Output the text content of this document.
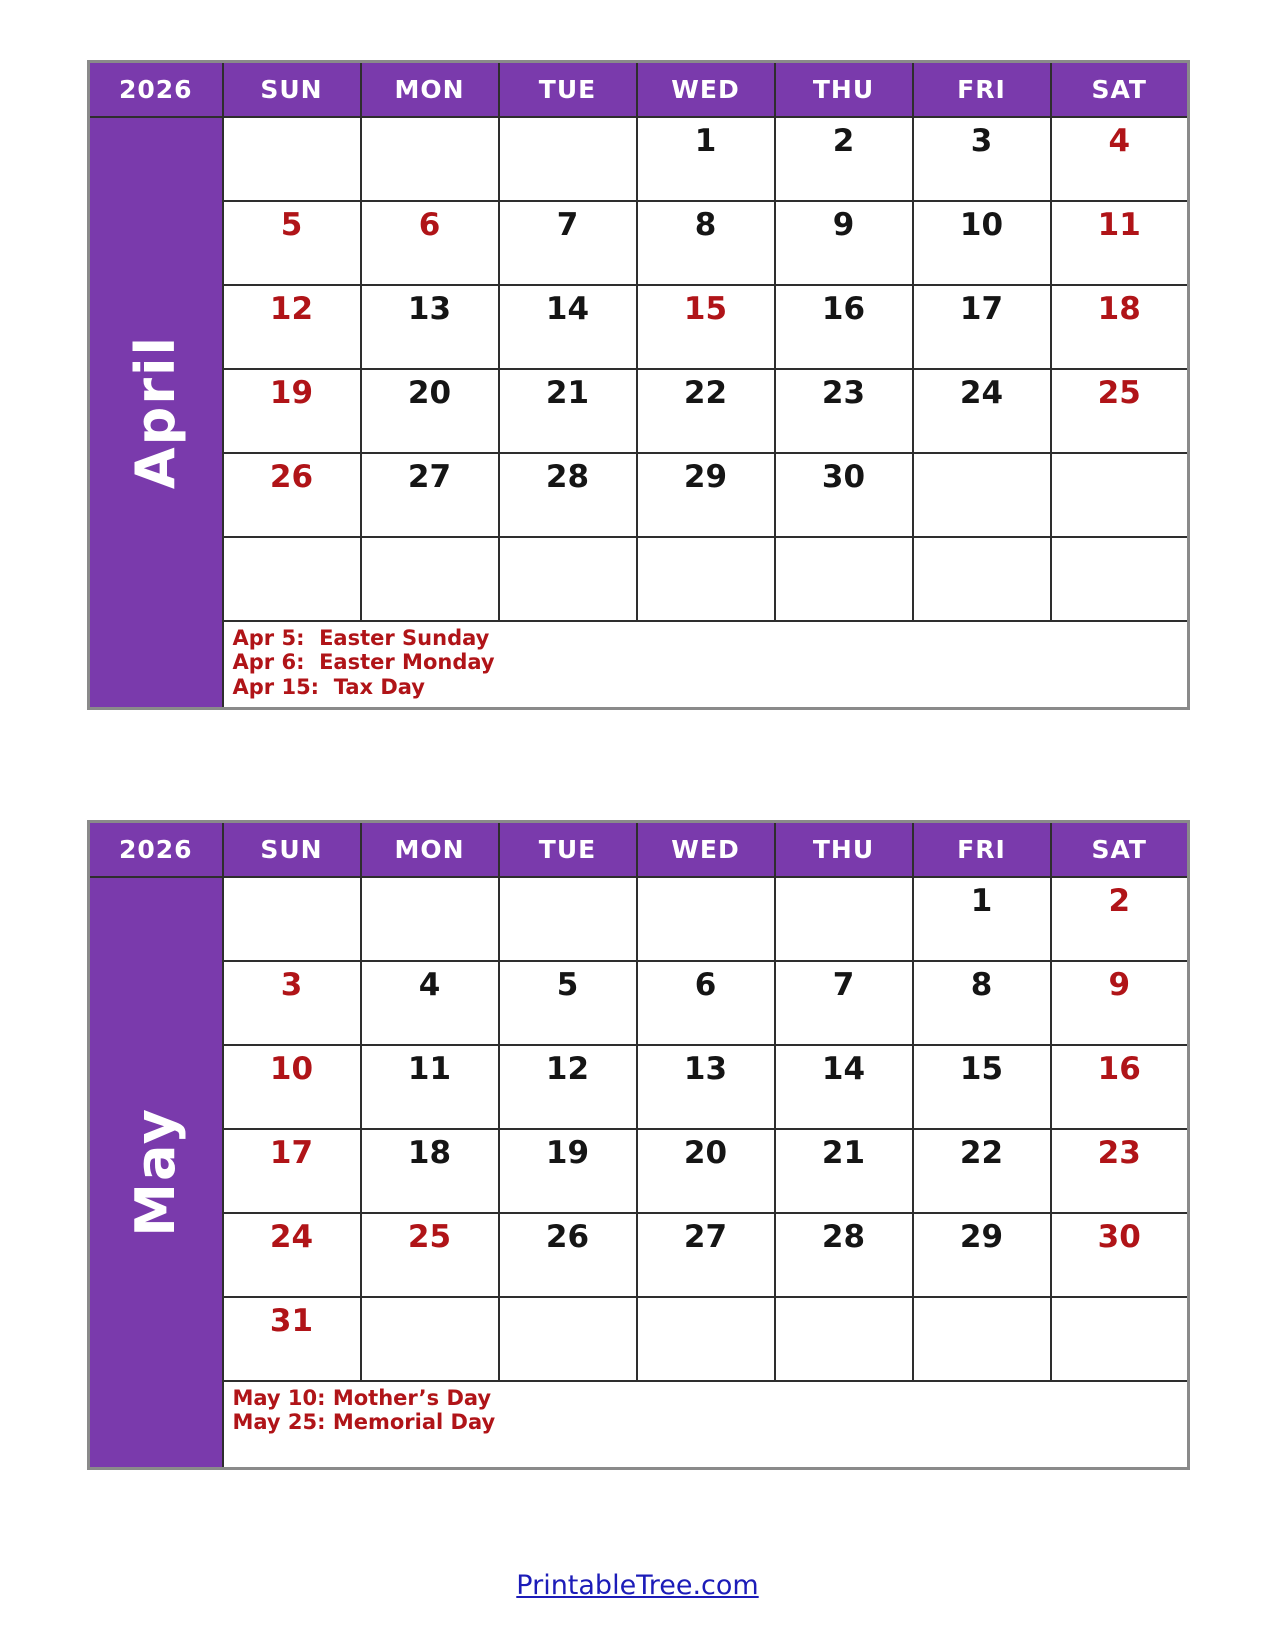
2026	SUN	MON	TUE	WED	THU	FRI	SAT

April				1	2	3	4
	5	6	7	8	9	10	11
	12	13	14	15	16	17	18
	19	20	21	22	23	24	25
	26	27	28	29	30		

	Apr 5:  Easter Sunday
Apr 6:  Easter Monday
Apr 15:  Tax Day						
2026	SUN	MON	TUE	WED	THU	FRI	SAT

May						1	2
	3	4	5	6	7	8	9
	10	11	12	13	14	15	16
	17	18	19	20	21	22	23
	24	25	26	27	28	29	30
	31						

	May 10: Mother’s Day
May 25: Memorial Day						
PrintableTree.com
